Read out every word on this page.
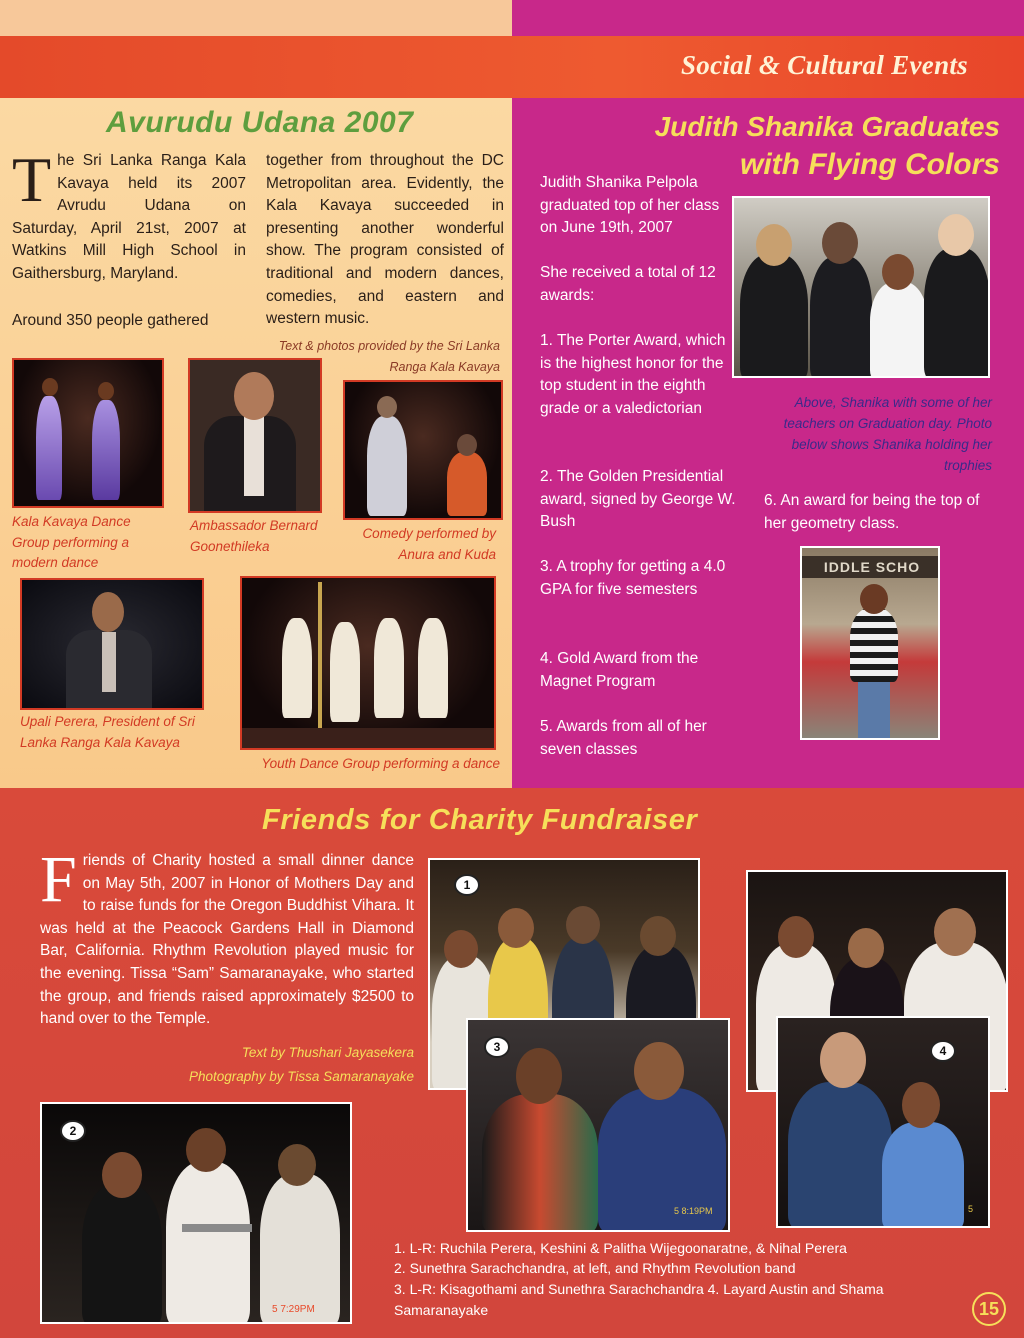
Social & Cultural Events
Avurudu Udana 2007
T he Sri Lanka Ranga Kala Kavaya held its 2007 Avrudu Udana on Saturday, April 21st, 2007 at Watkins Mill High School in Gaithersburg, Maryland.
Around 350 people gathered
together from throughout the DC Metropolitan area. Evidently, the Kala Kavaya succeeded in presenting another wonderful show. The program consisted of traditional and modern dances, comedies, and eastern and western music.
Text & photos provided by the Sri Lanka Ranga Kala Kavaya
Kala Kavaya Dance Group performing a modern dance
Ambassador Bernard Goonethileka
Comedy performed by Anura and Kuda
Upali Perera, President of Sri Lanka Ranga Kala Kavaya
Youth Dance Group performing a dance
Judith Shanika Graduates
with Flying Colors
Judith Shanika Pelpola graduated top of her class on June 19th, 2007
She received a total of 12 awards:
1. The Porter Award, which is the highest honor for the top student in the eighth grade or a valedictorian
2. The Golden Presidential award, signed by George W. Bush
3. A trophy for getting a 4.0 GPA for five semesters
4. Gold Award from the Magnet Program
5. Awards from all of her seven classes
6. An award for being the top of her geometry class.
Above, Shanika with some of her teachers on Graduation day. Photo below shows Shanika holding her trophies
IDDLE SCHO
Friends for Charity Fundraiser
F riends of Charity hosted a small dinner dance on May 5th, 2007 in Honor of Mothers Day and to raise funds for the Oregon Buddhist Vihara. It was held at the Peacock Gardens Hall in Diamond Bar, California. Rhythm Revolution played music for the evening. Tissa “Sam” Samaranayake, who started the group, and friends raised approximately $2500 to hand over to the Temple.
Text by Thushari Jayasekera
Photography by Tissa Samaranayake
1
3
5 8:19PM
4
5
2
5 7:29PM
1. L-R: Ruchila Perera, Keshini & Palitha Wijegoonaratne, & Nihal Perera
2. Sunethra Sarachchandra, at left, and Rhythm Revolution band
3. L-R: Kisagothami and Sunethra Sarachchandra 4. Layard Austin and Shama Samaranayake	15
